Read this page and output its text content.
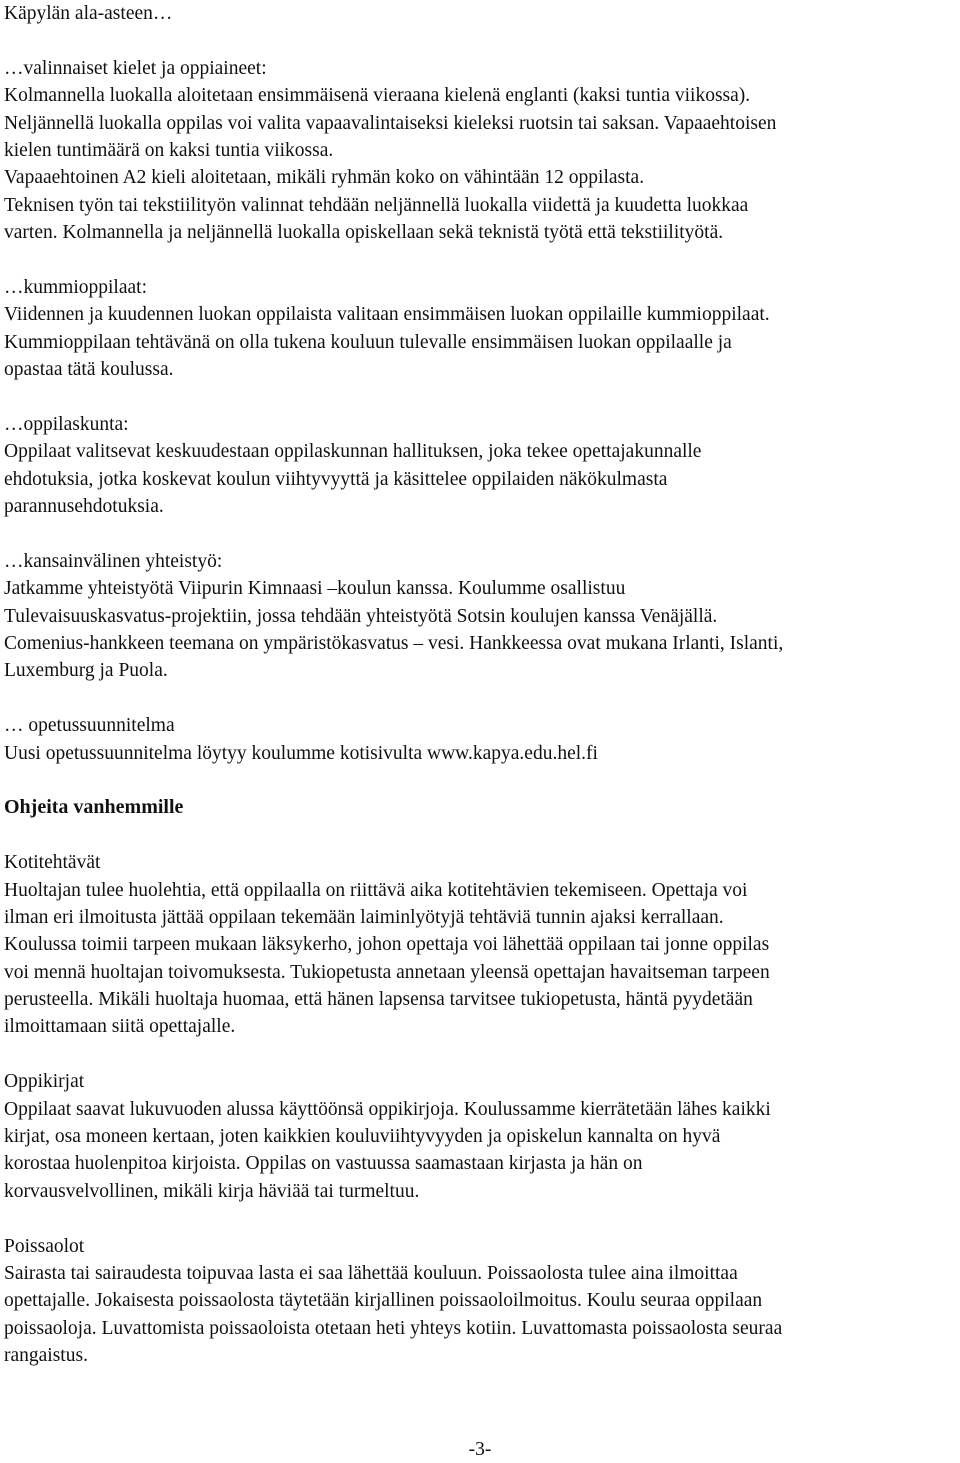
Käpylän ala-asteen…
…valinnaiset kielet ja oppiaineet:
Kolmannella luokalla aloitetaan ensimmäisenä vieraana kielenä englanti (kaksi tuntia viikossa).
Neljännellä luokalla oppilas voi valita vapaavalintaiseksi kieleksi ruotsin tai saksan. Vapaaehtoisen
kielen tuntimäärä on kaksi tuntia viikossa.
Vapaaehtoinen A2 kieli aloitetaan, mikäli ryhmän koko on vähintään 12 oppilasta.
Teknisen työn tai tekstiilityön valinnat tehdään neljännellä luokalla viidettä ja kuudetta luokkaa
varten. Kolmannella ja neljännellä luokalla opiskellaan sekä teknistä työtä että tekstiilityötä.
…kummioppilaat:
Viidennen ja kuudennen luokan oppilaista valitaan ensimmäisen luokan oppilaille kummioppilaat.
Kummioppilaan tehtävänä on olla tukena kouluun tulevalle ensimmäisen luokan oppilaalle ja
opastaa tätä koulussa.
…oppilaskunta:
Oppilaat valitsevat keskuudestaan oppilaskunnan hallituksen, joka tekee opettajakunnalle
ehdotuksia, jotka koskevat koulun viihtyvyyttä ja käsittelee oppilaiden näkökulmasta
parannusehdotuksia.
…kansainvälinen yhteistyö:
Jatkamme yhteistyötä Viipurin Kimnaasi –koulun kanssa. Koulumme osallistuu
Tulevaisuuskasvatus-projektiin, jossa tehdään yhteistyötä Sotsin koulujen kanssa Venäjällä.
Comenius-hankkeen teemana on ympäristökasvatus – vesi. Hankkeessa ovat mukana Irlanti, Islanti,
Luxemburg ja Puola.
… opetussuunnitelma
Uusi opetussuunnitelma löytyy koulumme kotisivulta www.kapya.edu.hel.fi
Ohjeita vanhemmille
Kotitehtävät
Huoltajan tulee huolehtia, että oppilaalla on riittävä aika kotitehtävien tekemiseen. Opettaja voi
ilman eri ilmoitusta jättää oppilaan tekemään laiminlyötyjä tehtäviä tunnin ajaksi kerrallaan.
Koulussa toimii tarpeen mukaan läksykerho, johon opettaja voi lähettää oppilaan tai jonne oppilas
voi mennä huoltajan toivomuksesta. Tukiopetusta annetaan yleensä opettajan havaitseman tarpeen
perusteella. Mikäli huoltaja huomaa, että hänen lapsensa tarvitsee tukiopetusta, häntä pyydetään
ilmoittamaan siitä opettajalle.
Oppikirjat
Oppilaat saavat lukuvuoden alussa käyttöönsä oppikirjoja. Koulussamme kierrätetään lähes kaikki
kirjat, osa moneen kertaan, joten kaikkien kouluviihtyvyyden ja opiskelun kannalta on hyvä
korostaa huolenpitoa kirjoista. Oppilas on vastuussa saamastaan kirjasta ja hän on
korvausvelvollinen, mikäli kirja häviää tai turmeltuu.
Poissaolot
Sairasta tai sairaudesta toipuvaa lasta ei saa lähettää kouluun. Poissaolosta tulee aina ilmoittaa
opettajalle. Jokaisesta poissaolosta täytetään kirjallinen poissaoloilmoitus. Koulu seuraa oppilaan
poissaoloja. Luvattomista poissaoloista otetaan heti yhteys kotiin. Luvattomasta poissaolosta seuraa
rangaistus.
-3-
